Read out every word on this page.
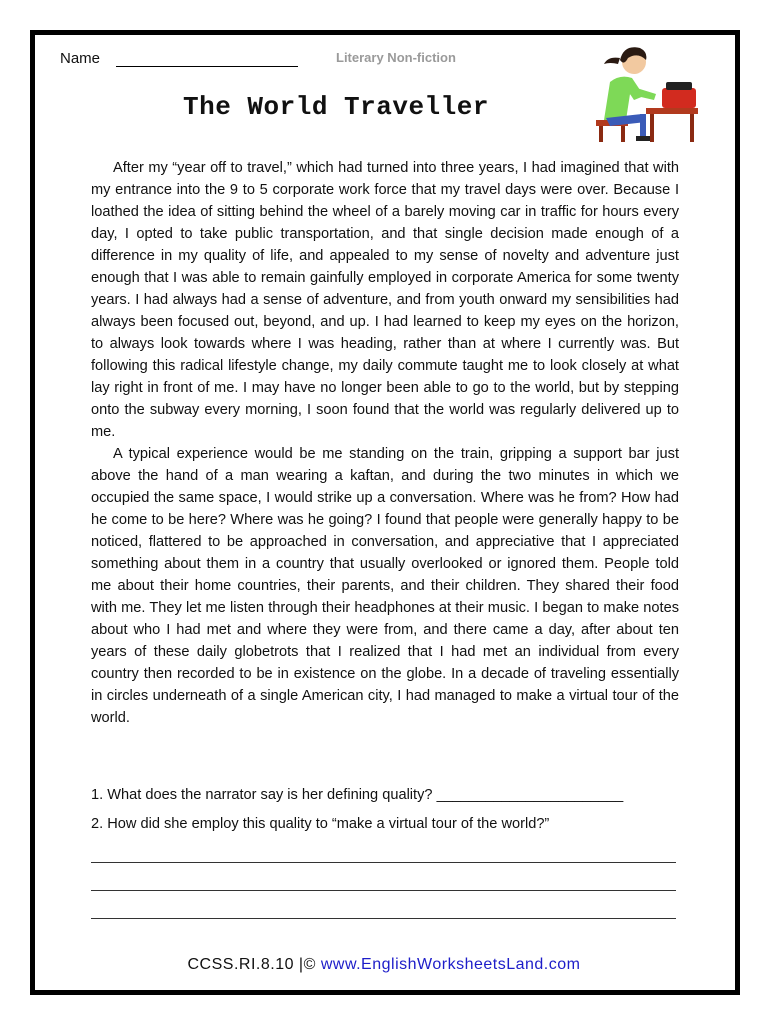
Name	Literary Non-fiction
The World Traveller

After my “year off to travel,” which had turned into three years, I had imagined that with my entrance into the 9 to 5 corporate work force that my travel days were over. Because I loathed the idea of sitting behind the wheel of a barely moving car in traffic for hours every day, I opted to take public transportation, and that single decision made enough of a difference in my quality of life, and appealed to my sense of novelty and adventure just enough that I was able to remain gainfully employed in corporate America for some twenty years. I had always had a sense of adventure, and from youth onward my sensibilities had always been focused out, beyond, and up. I had learned to keep my eyes on the horizon, to always look towards where I was heading, rather than at where I currently was. But following this radical lifestyle change, my daily commute taught me to look closely at what lay right in front of me. I may have no longer been able to go to the world, but by stepping onto the subway every morning, I soon found that the world was regularly delivered up to me.

A typical experience would be me standing on the train, gripping a support bar just above the hand of a man wearing a kaftan, and during the two minutes in which we occupied the same space, I would strike up a conversation. Where was he from? How had he come to be here? Where was he going? I found that people were generally happy to be noticed, flattered to be approached in conversation, and appreciative that I appreciated something about them in a country that usually overlooked or ignored them. People told me about their home countries, their parents, and their children. They shared their food with me. They let me listen through their headphones at their music. I began to make notes about who I had met and where they were from, and there came a day, after about ten years of these daily globetrots that I realized that I had met an individual from every country then recorded to be in existence on the globe. In a decade of traveling essentially in circles underneath of a single American city, I had managed to make a virtual tour of the world.

1. What does the narrator say is her defining quality? _______________________
2. How did she employ this quality to “make a virtual tour of the world?”
CCSS.RI.8.10 |© www.EnglishWorksheetsLand.com
